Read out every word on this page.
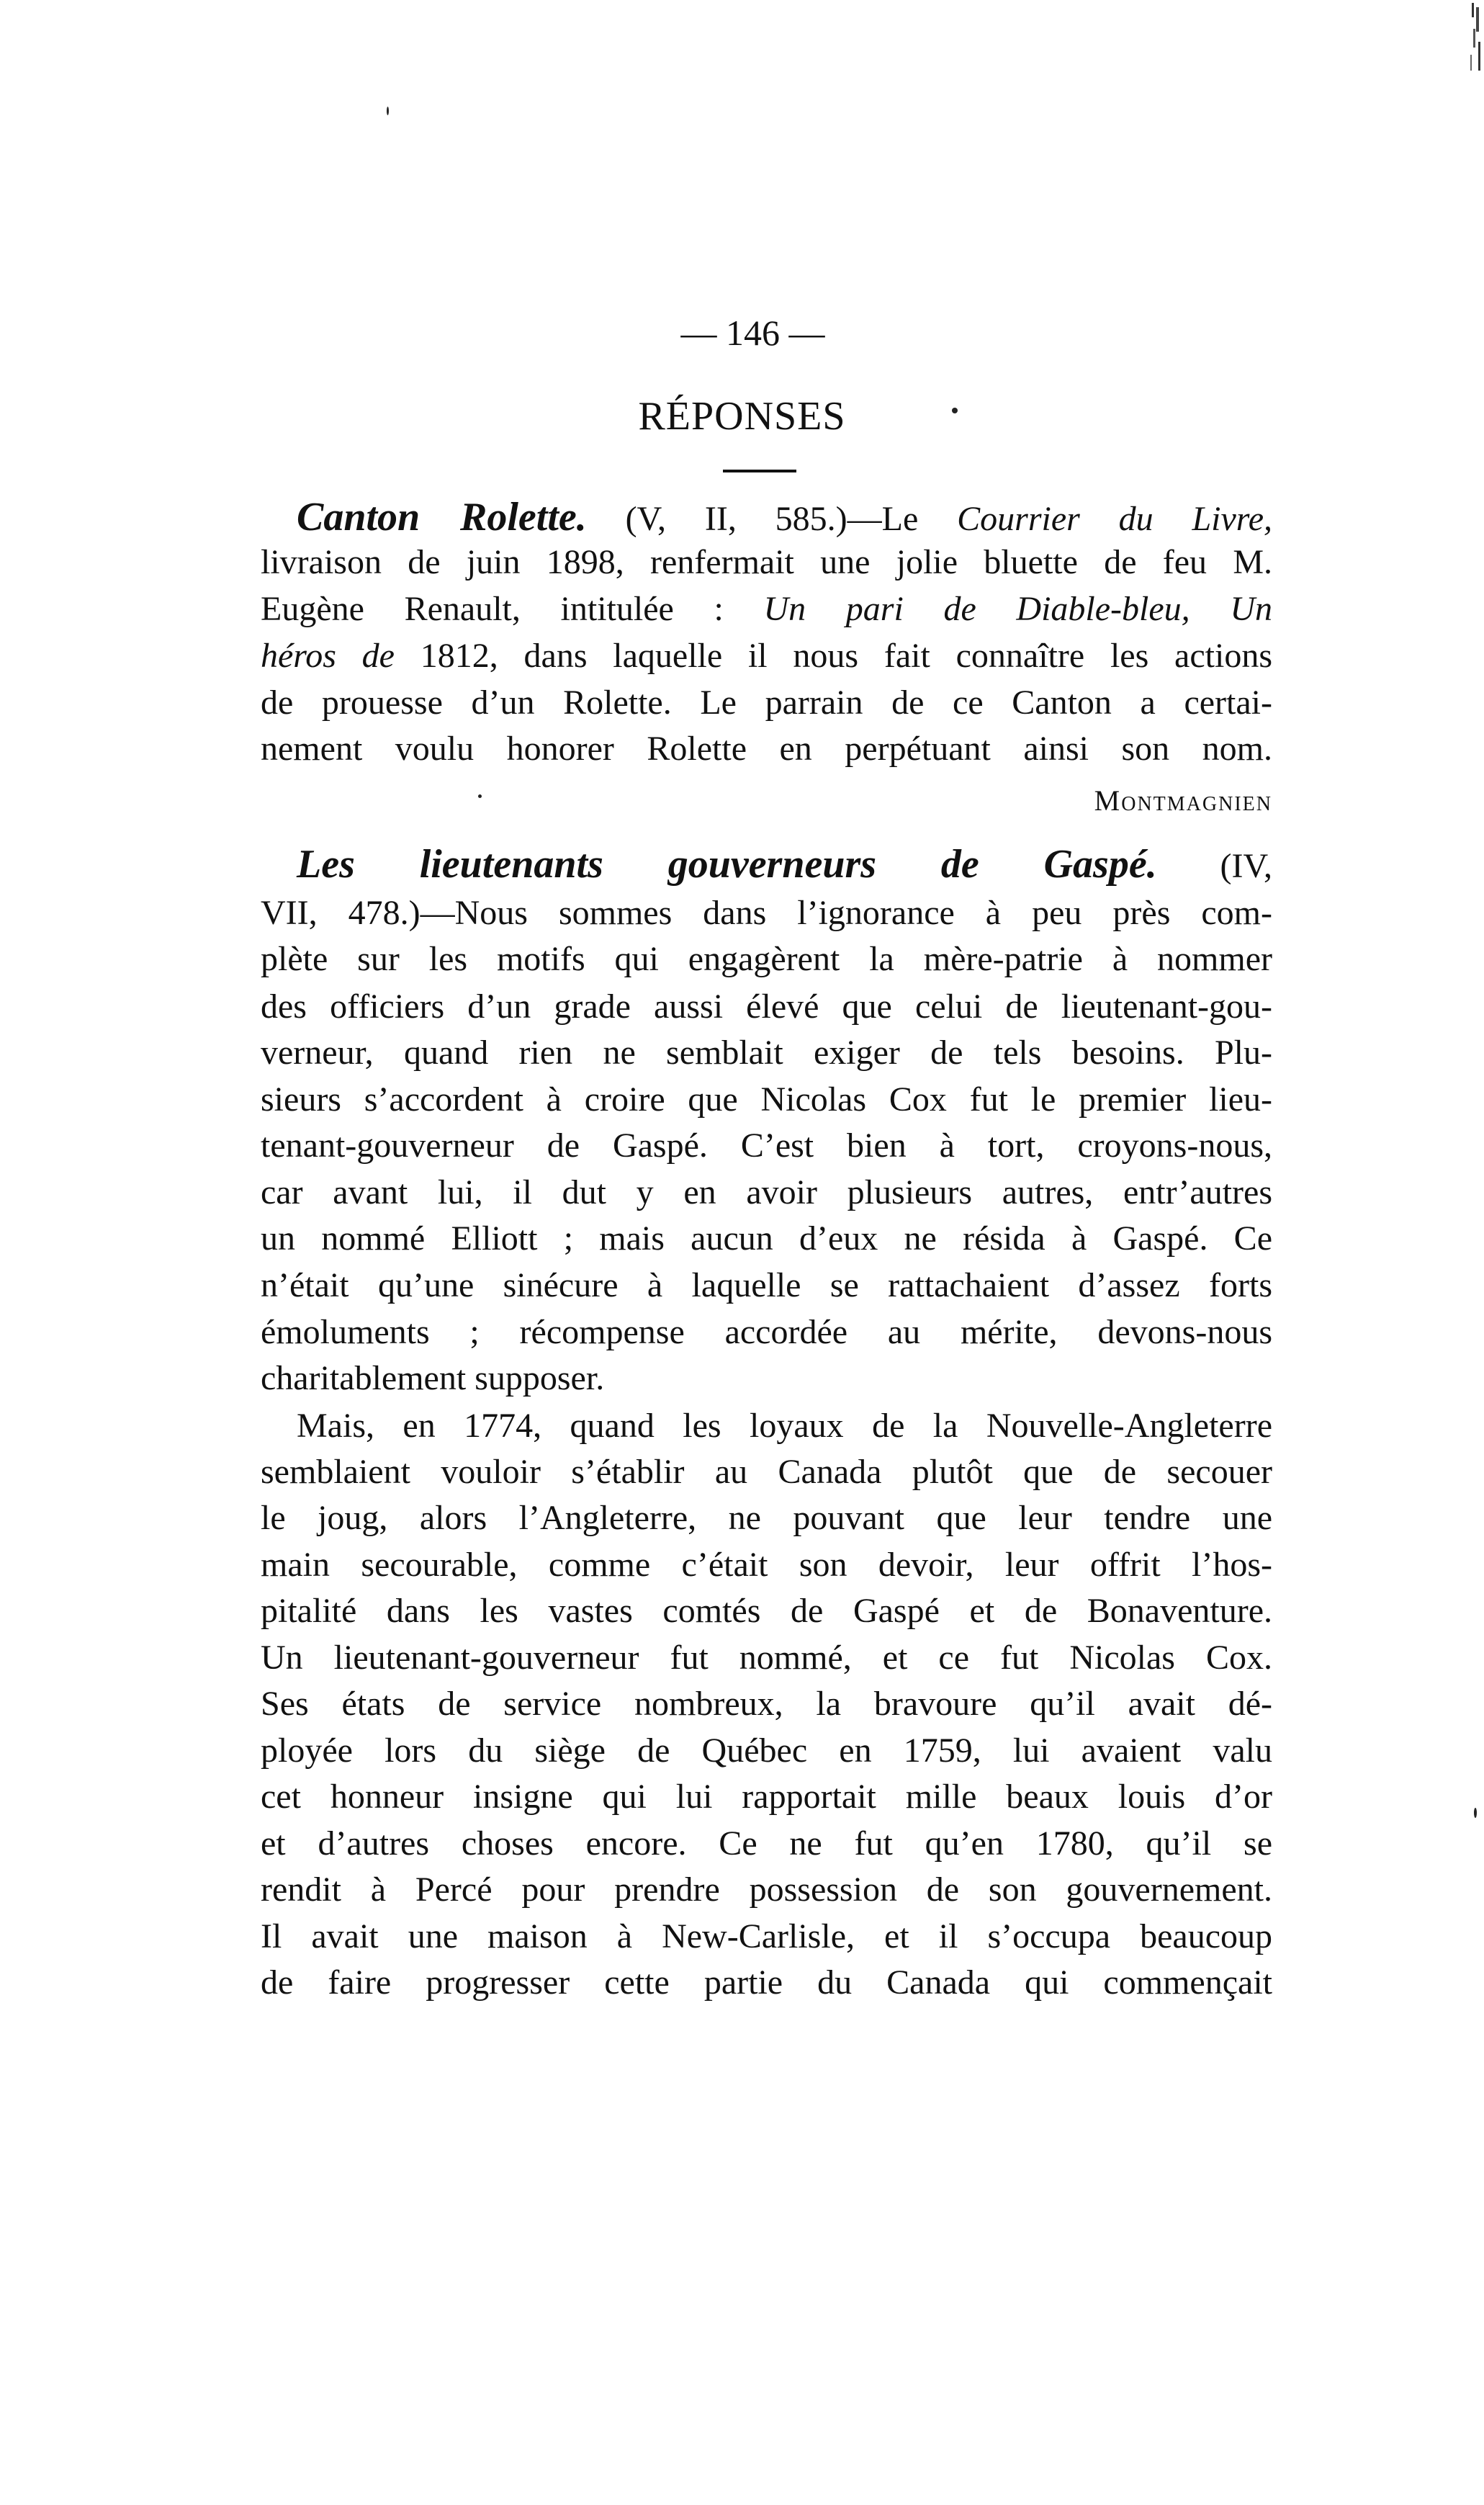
— 146 —
RÉPONSES
Canton Rolette. (V, II, 585.)—Le Courrier du Livre,
livraison de juin 1898, renfermait une jolie bluette de feu M.
Eugène Renault, intitulée : Un pari de Diable-bleu, Un
héros de 1812, dans laquelle il nous fait connaître les actions
de prouesse d’un Rolette. Le parrain de ce Canton a certai-
nement voulu honorer Rolette en perpétuant ainsi son nom.
Montmagnien
Les lieutenants gouverneurs de Gaspé. (IV,
VII, 478.)—Nous sommes dans l’ignorance à peu près com-
plète sur les motifs qui engagèrent la mère-patrie à nommer
des officiers d’un grade aussi élevé que celui de lieutenant-gou-
verneur, quand rien ne semblait exiger de tels besoins. Plu-
sieurs s’accordent à croire que Nicolas Cox fut le premier lieu-
tenant-gouverneur de Gaspé. C’est bien à tort, croyons-nous,
car avant lui, il dut y en avoir plusieurs autres, entr’autres
un nommé Elliott ; mais aucun d’eux ne résida à Gaspé. Ce
n’était qu’une sinécure à laquelle se rattachaient d’assez forts
émoluments ; récompense accordée au mérite, devons-nous
charitablement supposer.
Mais, en 1774, quand les loyaux de la Nouvelle-Angleterre
semblaient vouloir s’établir au Canada plutôt que de secouer
le joug, alors l’Angleterre, ne pouvant que leur tendre une
main secourable, comme c’était son devoir, leur offrit l’hos-
pitalité dans les vastes comtés de Gaspé et de Bonaventure.
Un lieutenant-gouverneur fut nommé, et ce fut Nicolas Cox.
Ses états de service nombreux, la bravoure qu’il avait dé-
ployée lors du siège de Québec en 1759, lui avaient valu
cet honneur insigne qui lui rapportait mille beaux louis d’or
et d’autres choses encore. Ce ne fut qu’en 1780, qu’il se
rendit à Percé pour prendre possession de son gouvernement.
Il avait une maison à New-Carlisle, et il s’occupa beaucoup
de faire progresser cette partie du Canada qui commençait
